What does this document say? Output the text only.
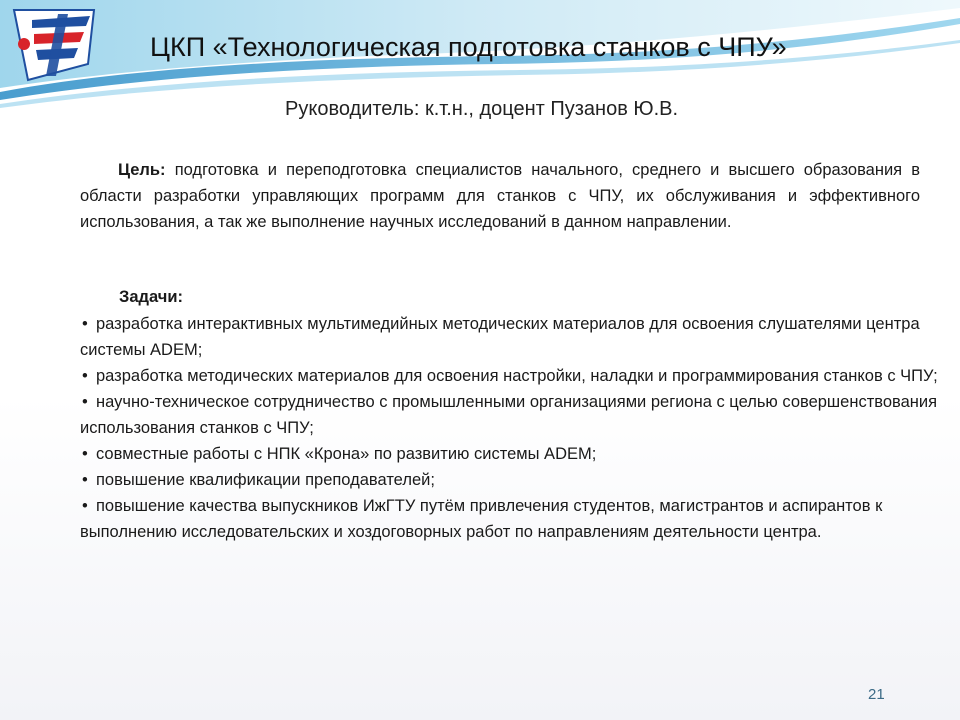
ЦКП «Технологическая подготовка станков с ЧПУ»
Руководитель: к.т.н., доцент Пузанов Ю.В.

Цель: подготовка и переподготовка специалистов начального, среднего и высшего образования в области разработки управляющих программ для станков с ЧПУ, их обслуживания и эффективного использования, а так же выполнение научных исследований в данном направлении.

Задачи:

• разработка интерактивных мультимедийных методических материалов для освоения слушателями центра системы ADEM;
• разработка методических материалов для освоения настройки, наладки и программирования станков с ЧПУ;
• научно-техническое сотрудничество с промышленными организациями региона с целью совершенствования использования станков с ЧПУ;
• совместные работы с НПК «Крона» по развитию системы ADEM;
• повышение квалификации преподавателей;
• повышение качества выпускников ИжГТУ путём привлечения студентов, магистрантов и аспирантов к выполнению исследовательских и хоздоговорных работ по направлениям деятельности центра.
21
